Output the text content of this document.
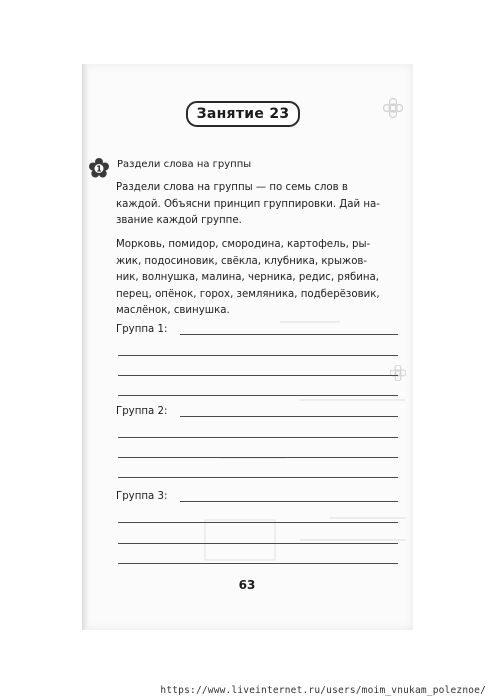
Занятие 23
1 Раздели слова на группы
Раздели слова на группы — по семь слов в
каждой. Объясни принцип группировки. Дай на-
звание каждой группе.
Морковь, помидор, смородина, картофель, ры-
жик, подосиновик, свёкла, клубника, крыжов-
ник, волнушка, малина, черника, редис, рябина,
перец, опёнок, горох, земляника, подберёзовик,
маслёнок, свинушка.
Группа 1:
Группа 2:
Группа 3:
63
https://www.liveinternet.ru/users/moim_vnukam_poleznoe/
